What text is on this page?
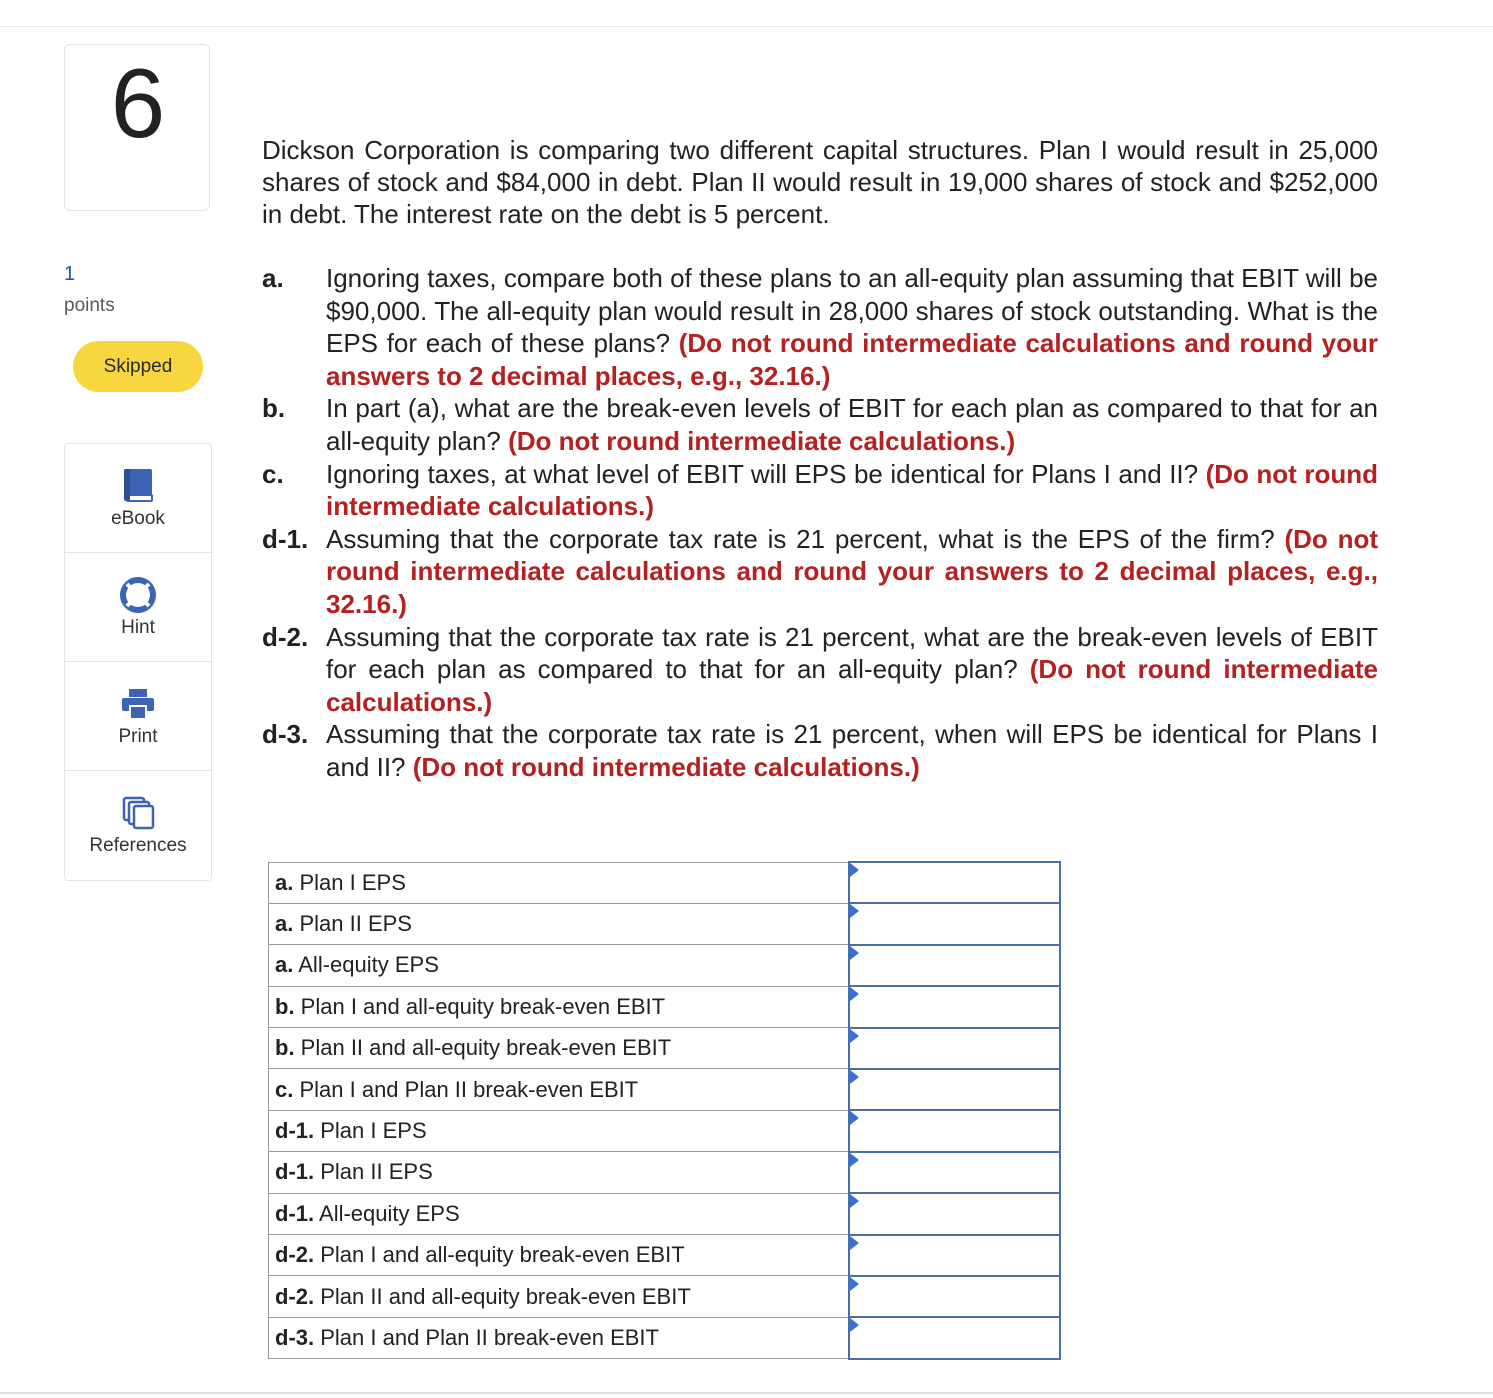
6
1
points
Skipped
eBook
Hint
Print
References
Dickson Corporation is comparing two different capital structures. Plan I would result in 25,000 shares of stock and $84,000 in debt. Plan II would result in 19,000 shares of stock and $252,000 in debt. The interest rate on the debt is 5 percent.
a.	Ignoring taxes, compare both of these plans to an all-equity plan assuming that EBIT will be $90,000. The all-equity plan would result in 28,000 shares of stock outstanding. What is the EPS for each of these plans? (Do not round intermediate calculations and round your answers to 2 decimal places, e.g., 32.16.)
b.	In part (a), what are the break-even levels of EBIT for each plan as compared to that for an all-equity plan? (Do not round intermediate calculations.)
c.	Ignoring taxes, at what level of EBIT will EPS be identical for Plans I and II? (Do not round intermediate calculations.)
d-1. Assuming that the corporate tax rate is 21 percent, what is the EPS of the firm? (Do not round intermediate calculations and round your answers to 2 decimal places, e.g., 32.16.)
d-2. Assuming that the corporate tax rate is 21 percent, what are the break-even levels of EBIT for each plan as compared to that for an all-equity plan? (Do not round intermediate calculations.)
d-3. Assuming that the corporate tax rate is 21 percent, when will EPS be identical for Plans I and II? (Do not round intermediate calculations.)
a. Plan I EPS	

a. Plan II EPS	

a. All-equity EPS	

b. Plan I and all-equity break-even EBIT	

b. Plan II and all-equity break-even EBIT	

c. Plan I and Plan II break-even EBIT	

d-1. Plan I EPS	

d-1. Plan II EPS	

d-1. All-equity EPS	

d-2. Plan I and all-equity break-even EBIT	

d-2. Plan II and all-equity break-even EBIT	

d-3. Plan I and Plan II break-even EBIT	
